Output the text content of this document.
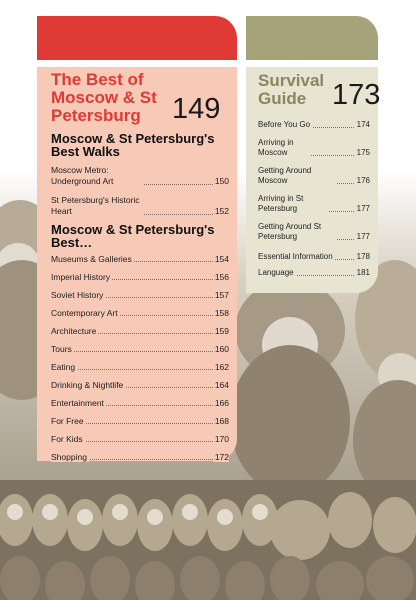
The Best of Moscow & St Petersburg	149
Moscow & St Petersburg's Best Walks
Moscow Metro: Underground Art	150
St Petersburg's Historic Heart	152
Moscow & St Petersburg's Best…
Museums & Galleries	154
Imperial History	156
Soviet History	157
Contemporary Art	158
Architecture	159
Tours	160
Eating	162
Drinking & Nightlife	164
Entertainment	166
For Free	168
For Kids	170
Shopping	172
Survival Guide 173
Before You Go	174
Arriving in Moscow	175
Getting Around Moscow	176
Arriving in St Petersburg	177
Getting Around St Petersburg	177
Essential Information	178
Language	181
